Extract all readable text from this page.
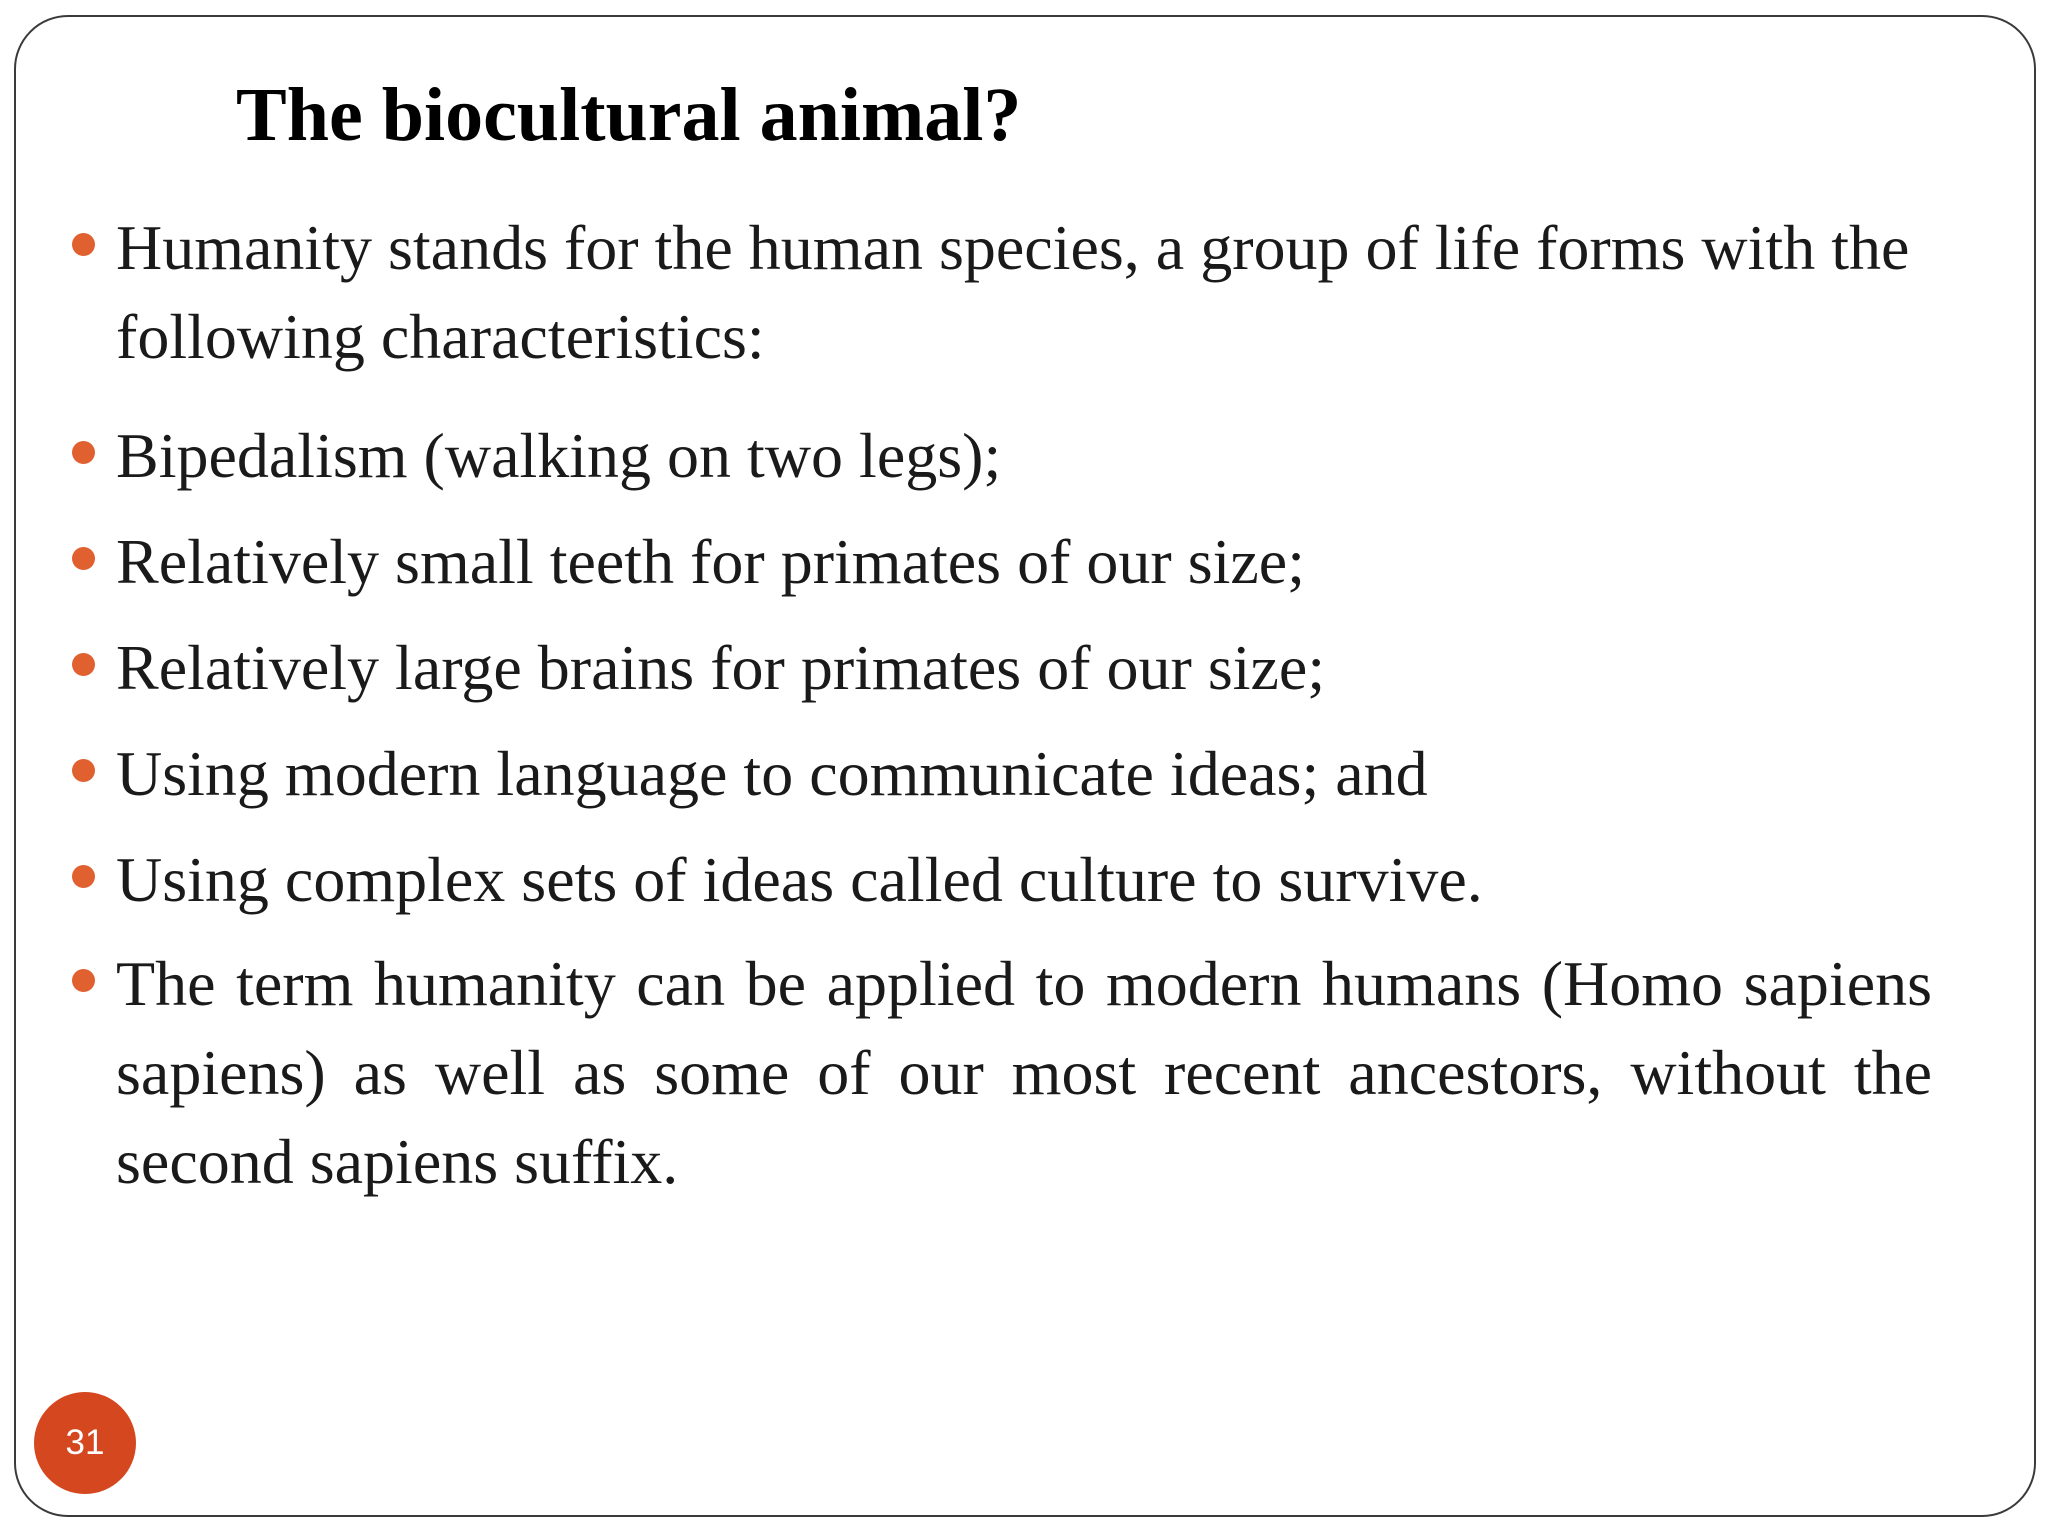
The biocultural animal?
Humanity stands for the human species, a group of life forms with the following characteristics:
Bipedalism (walking on two legs);
Relatively small teeth for primates of our size;
Relatively large brains for primates of our size;
Using modern language to communicate ideas; and
Using complex sets of ideas called culture to survive.
The term humanity can be applied to modern humans (Homo sapiens sapiens) as well as some of our most recent ancestors, without the second sapiens suffix.
31
